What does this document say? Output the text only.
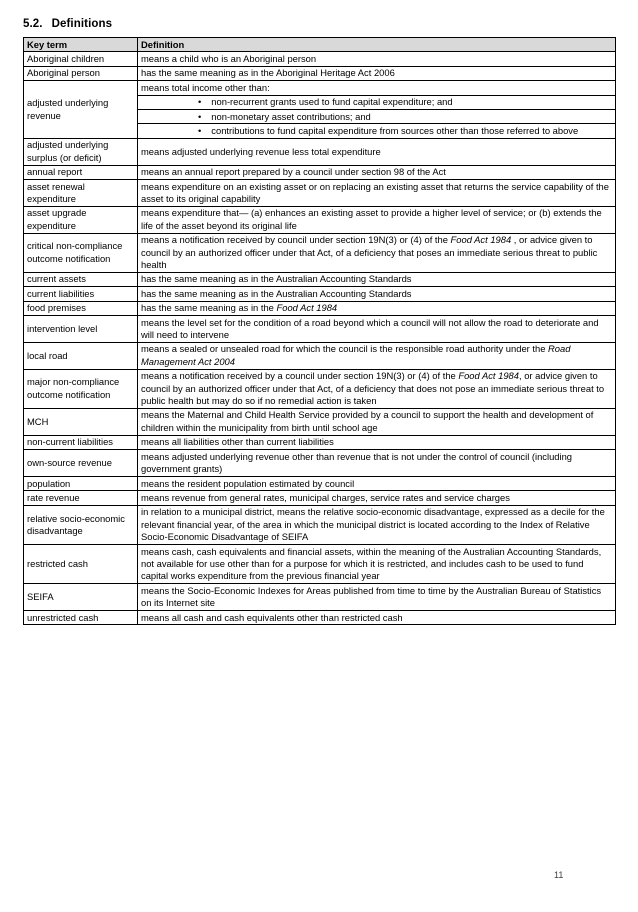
5.2. Definitions
Key term	Definition
Aboriginal children	means a child who is an Aboriginal person

Aboriginal person	has the same meaning as in the Aboriginal Heritage Act 2006

adjusted underlying revenue	means total income other than:
• non-recurrent grants used to fund capital expenditure; and
• non-monetary asset contributions; and
• contributions to fund capital expenditure from sources other than those referred to above

adjusted underlying surplus (or deficit)	means adjusted underlying revenue less total expenditure

annual report	means an annual report prepared by a council under section 98 of the Act

asset renewal expenditure	means expenditure on an existing asset or on replacing an existing asset that returns the service capability of the asset to its original capability

asset upgrade expenditure	means expenditure that— (a) enhances an existing asset to provide a higher level of service; or (b) extends the life of the asset beyond its original life

critical non-compliance outcome notification	means a notification received by council under section 19N(3) or (4) of the Food Act 1984 , or advice given to council by an authorized officer under that Act, of a deficiency that poses an immediate serious threat to public health

current assets	has the same meaning as in the Australian Accounting Standards

current liabilities	has the same meaning as in the Australian Accounting Standards

food premises	has the same meaning as in the Food Act 1984

intervention level	means the level set for the condition of a road beyond which a council will not allow the road to deteriorate and will need to intervene

local road	means a sealed or unsealed road for which the council is the responsible road authority under the Road Management Act 2004

major non-compliance outcome notification	means a notification received by a council under section 19N(3) or (4) of the Food Act 1984, or advice given to council by an authorized officer under that Act, of a deficiency that does not pose an immediate serious threat to public health but may do so if no remedial action is taken

MCH	means the Maternal and Child Health Service provided by a council to support the health and development of children within the municipality from birth until school age

non-current liabilities	means all liabilities other than current liabilities

own-source revenue	means adjusted underlying revenue other than revenue that is not under the control of council (including government grants)

population	means the resident population estimated by council

rate revenue	means revenue from general rates, municipal charges, service rates and service charges

relative socio-economic disadvantage	in relation to a municipal district, means the relative socio-economic disadvantage, expressed as a decile for the relevant financial year, of the area in which the municipal district is located according to the Index of Relative Socio-Economic Disadvantage of SEIFA

restricted cash	means cash, cash equivalents and financial assets, within the meaning of the Australian Accounting Standards, not available for use other than for a purpose for which it is restricted, and includes cash to be used to fund capital works expenditure from the previous financial year

SEIFA	means the Socio-Economic Indexes for Areas published from time to time by the Australian Bureau of Statistics on its Internet site

unrestricted cash	means all cash and cash equivalents other than restricted cash
11
